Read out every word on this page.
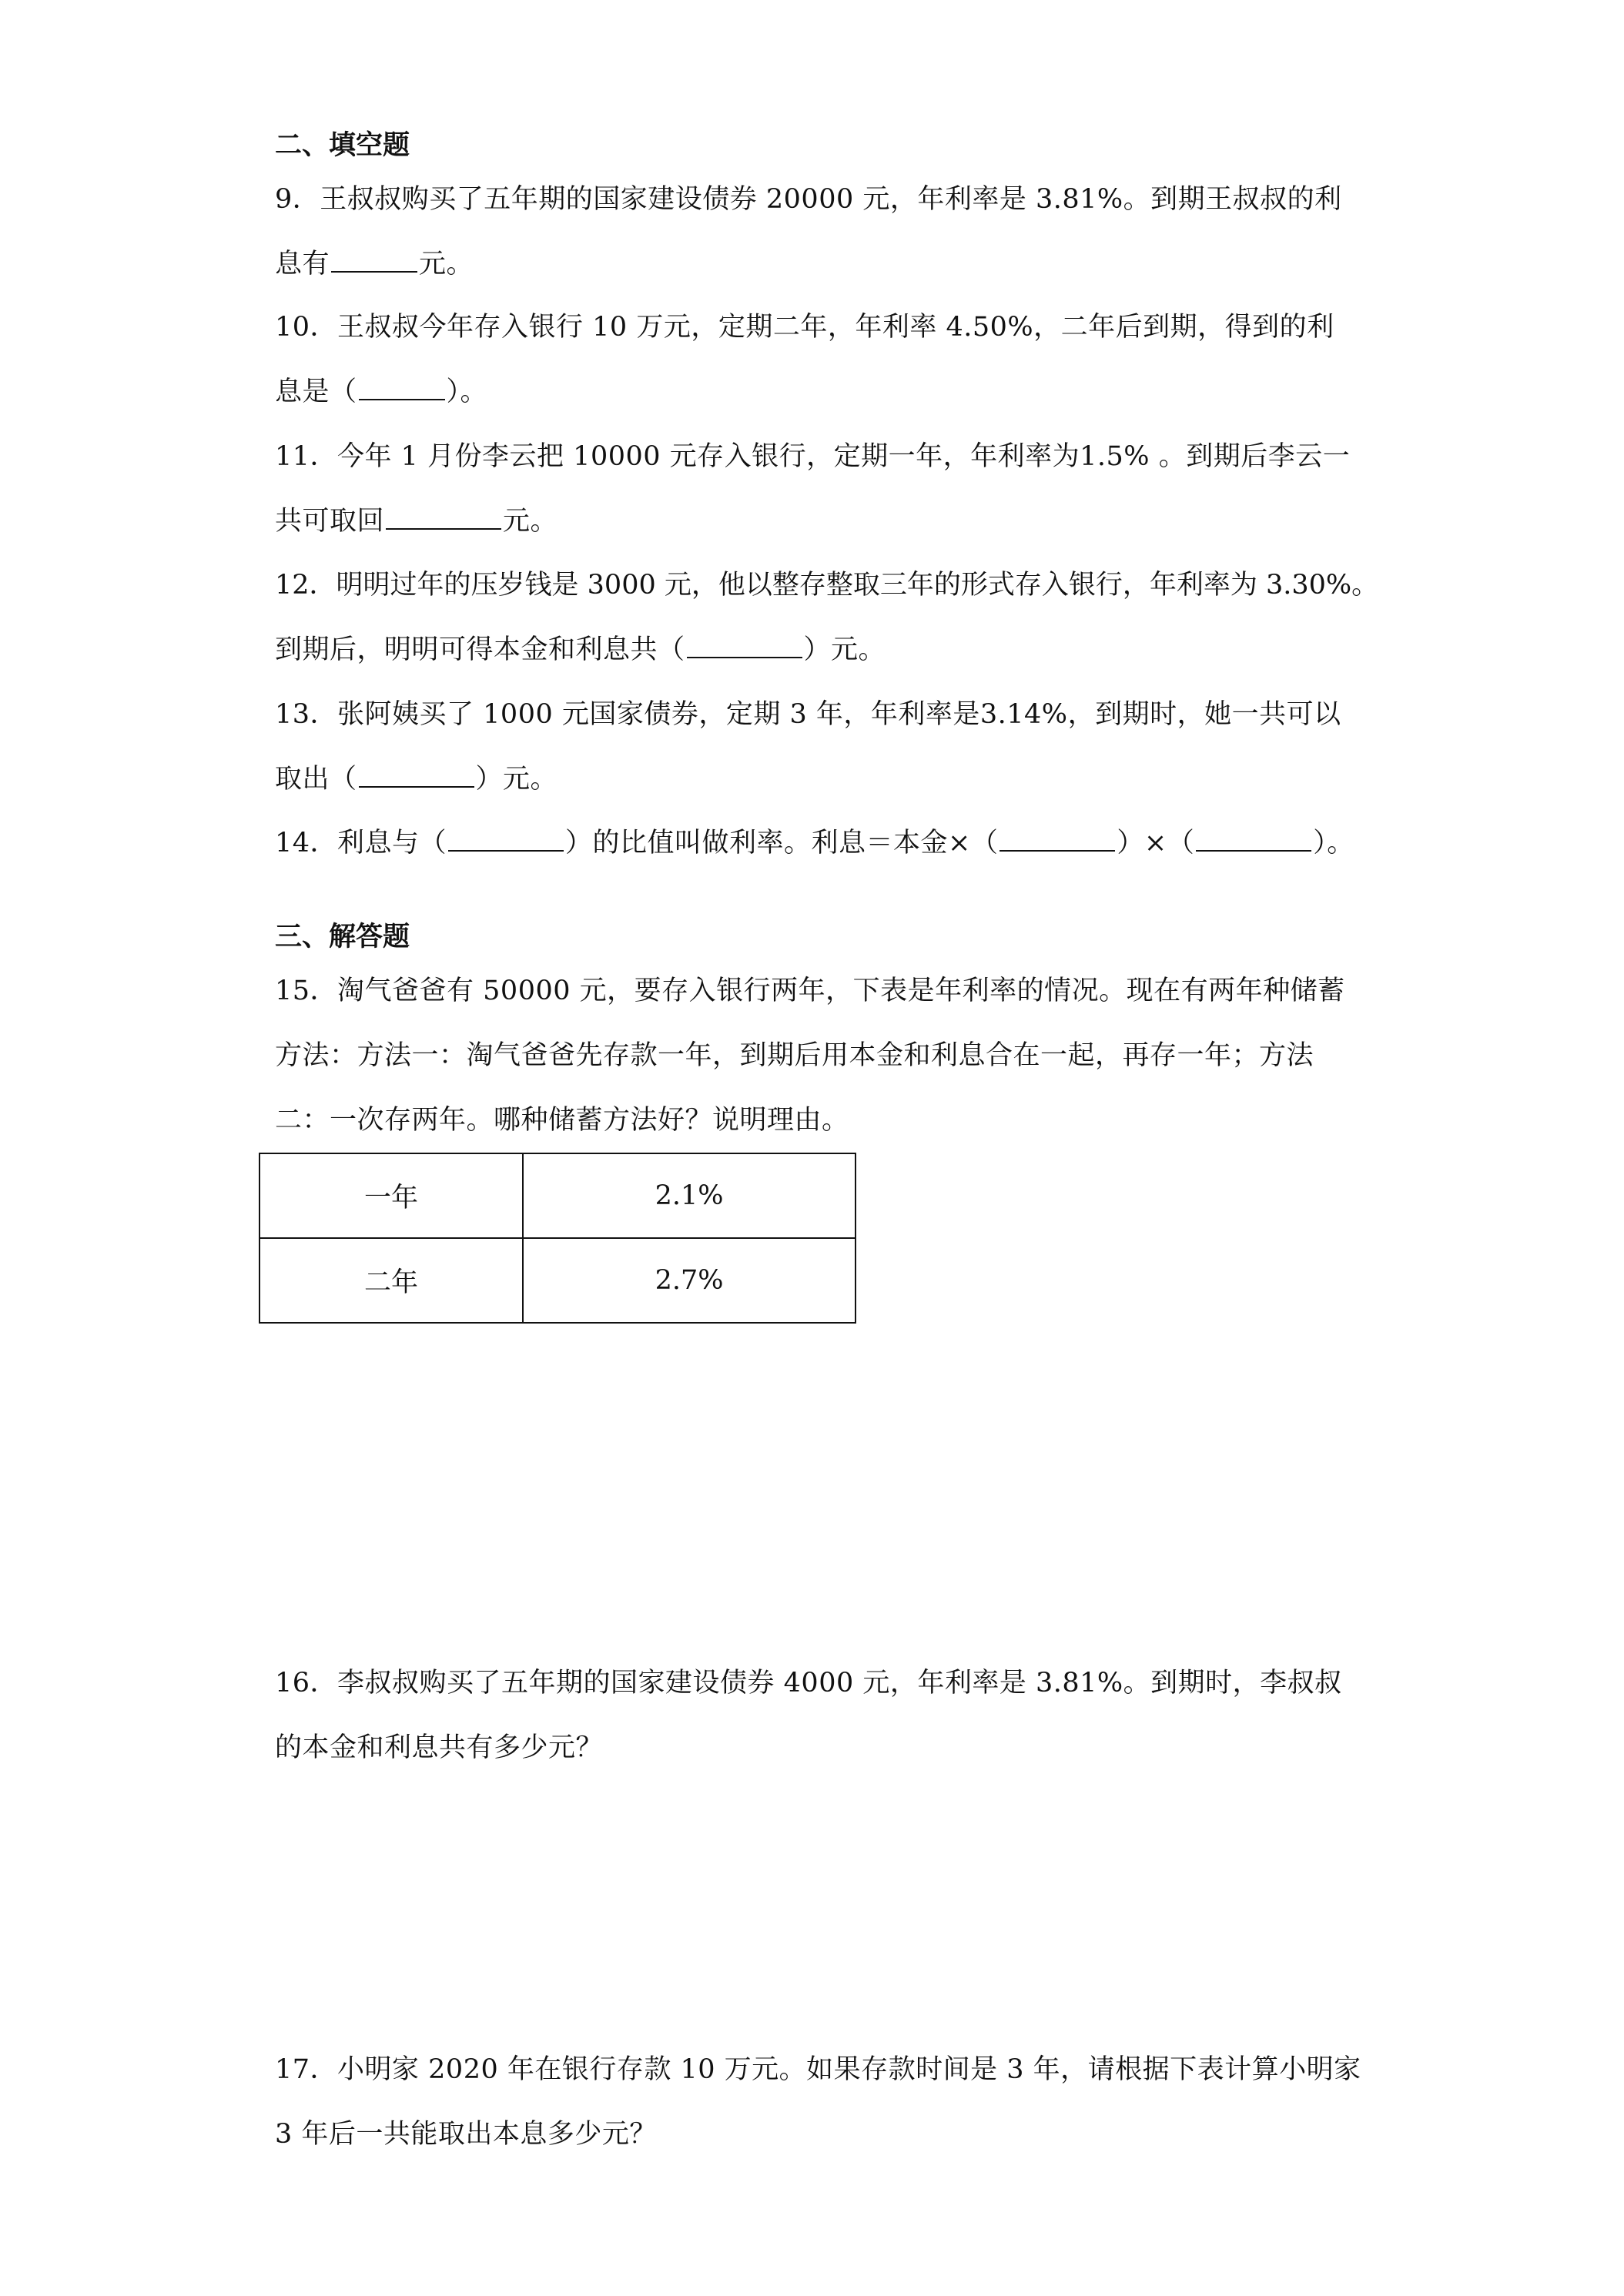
二、填空题
9．王叔叔购买了五年期的国家建设债券 20000 元，年利率是 3.81%。到期王叔叔的利
息有	元。
10．王叔叔今年存入银行 10 万元，定期二年，年利率 4.50%，二年后到期，得到的利
息是（	）。
11．今年 1 月份李云把 10000 元存入银行，定期一年，年利率为1.5% 。到期后李云一
共可取回	元。
12．明明过年的压岁钱是 3000 元，他以整存整取三年的形式存入银行，年利率为 3.30%。
到期后，明明可得本金和利息共（	）元。
13．张阿姨买了 1000 元国家债券，定期 3 年，年利率是3.14%，到期时，她一共可以
取出（	）元。
14．利息与（	）的比值叫做利率。利息＝本金×（	）×（	）。
三、解答题
15．淘气爸爸有 50000 元，要存入银行两年，下表是年利率的情况。现在有两年种储蓄
方法：方法一：淘气爸爸先存款一年，到期后用本金和利息合在一起，再存一年；方法
二：一次存两年。哪种储蓄方法好？说明理由。
一年	2.1%
二年	2.7%
16．李叔叔购买了五年期的国家建设债券 4000 元，年利率是 3.81%。到期时，李叔叔
的本金和利息共有多少元？
17．小明家 2020 年在银行存款 10 万元。如果存款时间是 3 年，请根据下表计算小明家
3 年后一共能取出本息多少元？
